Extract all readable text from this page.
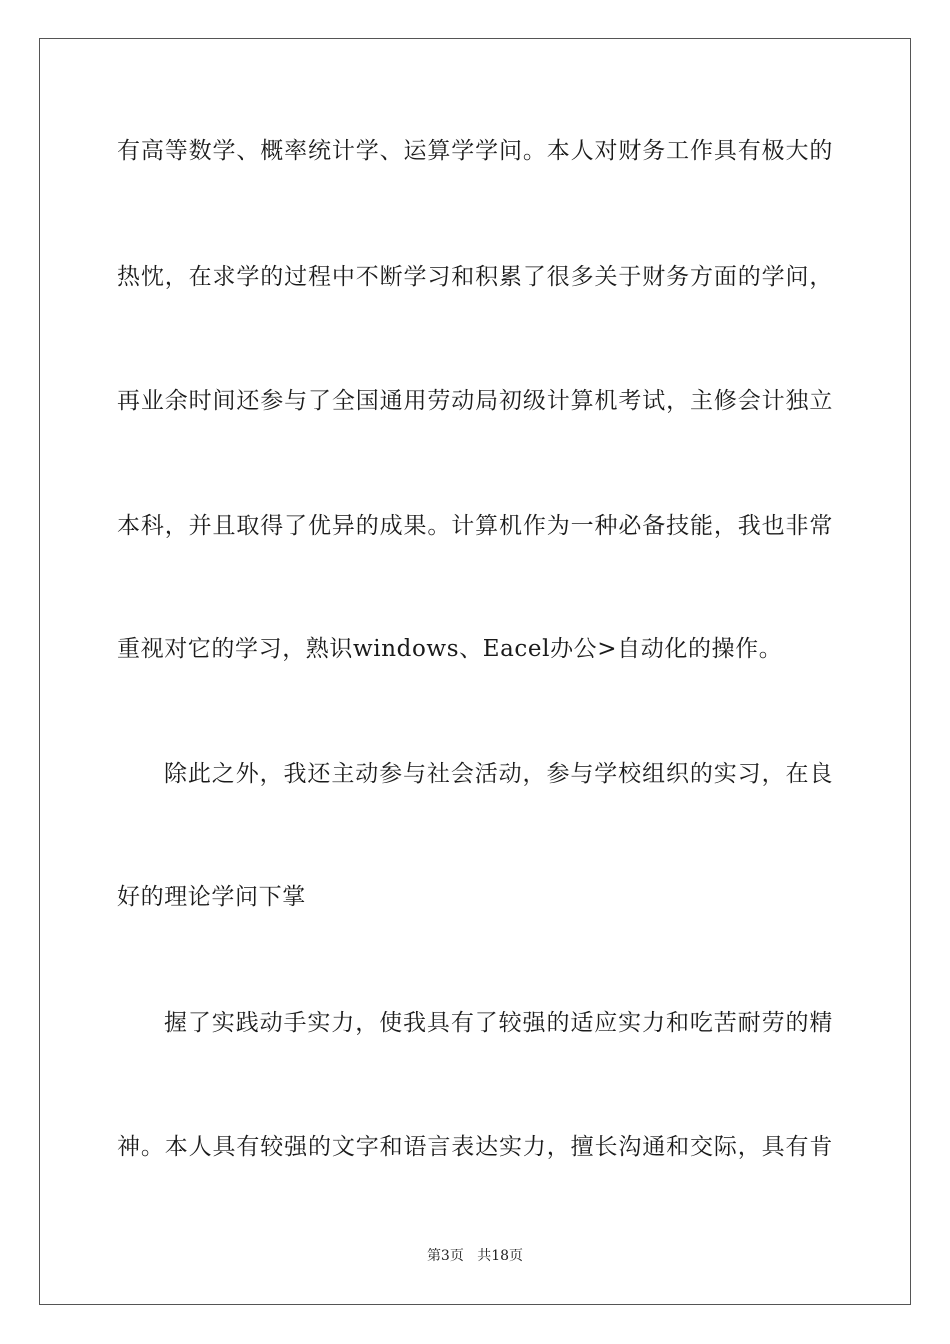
有高等数学、概率统计学、运算学学问。本人对财务工作具有极大的
热忱，在求学的过程中不断学习和积累了很多关于财务方面的学问，
再业余时间还参与了全国通用劳动局初级计算机考试，主修会计独立
本科，并且取得了优异的成果。计算机作为一种必备技能，我也非常
重视对它的学习，熟识windows、Eacel办公>自动化的操作。
除此之外，我还主动参与社会活动，参与学校组织的实习，在良
好的理论学问下掌
握了实践动手实力，使我具有了较强的适应实力和吃苦耐劳的精
神。本人具有较强的文字和语言表达实力，擅长沟通和交际，具有肯
第3页 共18页
